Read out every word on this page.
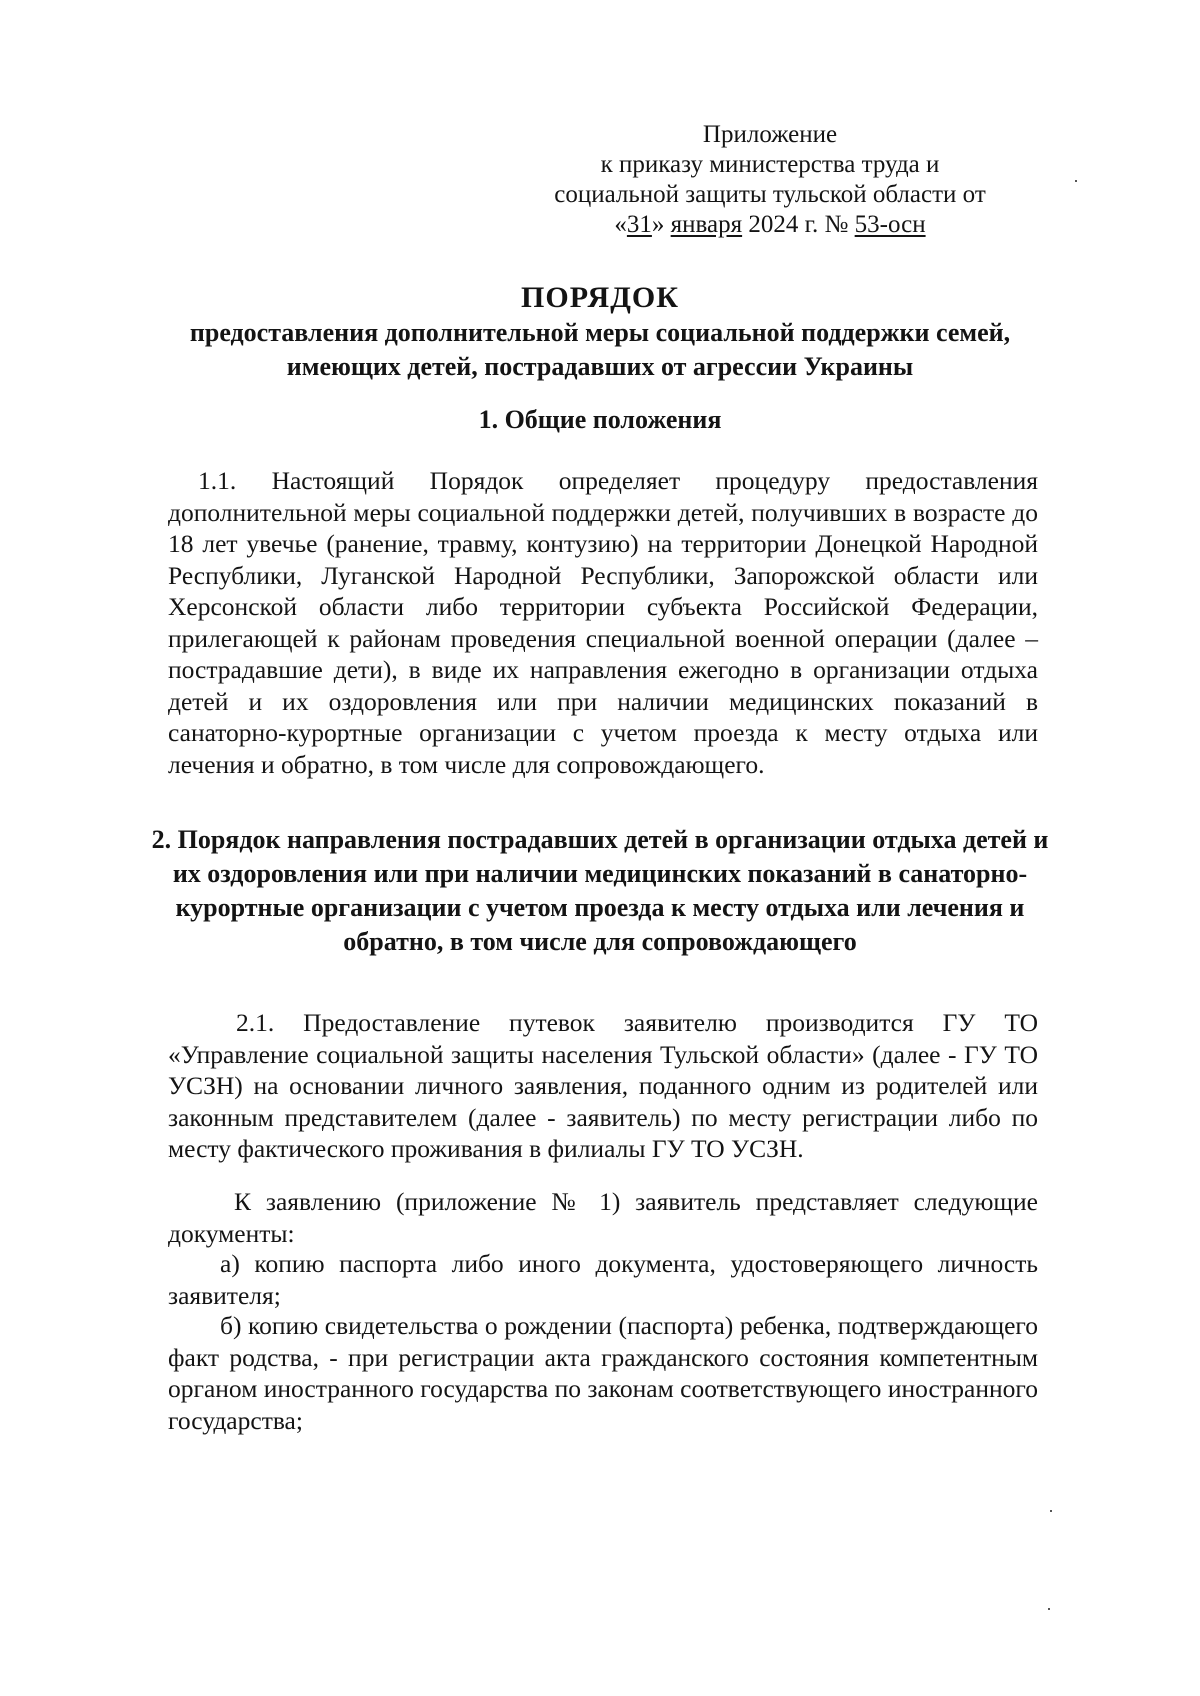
Приложение
к приказу министерства труда и
социальной защиты тульской области от
«31» января 2024 г. № 53-осн
ПОРЯДОК
предоставления дополнительной меры социальной поддержки семей, имеющих детей, пострадавших от агрессии Украины
1. Общие положения
1.1. Настоящий Порядок определяет процедуру предоставления дополнительной меры социальной поддержки детей, получивших в возрасте до 18 лет увечье (ранение, травму, контузию) на территории Донецкой Народной Республики, Луганской Народной Республики, Запорожской области или Херсонской области либо территории субъекта Российской Федерации, прилегающей к районам проведения специальной военной операции (далее – пострадавшие дети), в виде их направления ежегодно в организации отдыха детей и их оздоровления или при наличии медицинских показаний в санаторно-курортные организации с учетом проезда к месту отдыха или лечения и обратно, в том числе для сопровождающего.
2. Порядок направления пострадавших детей в организации отдыха детей и их оздоровления или при наличии медицинских показаний в санаторно-курортные организации с учетом проезда к месту отдыха или лечения и обратно, в том числе для сопровождающего
2.1. Предоставление путевок заявителю производится ГУ ТО «Управление социальной защиты населения Тульской области» (далее - ГУ ТО УСЗН) на основании личного заявления, поданного одним из родителей или законным представителем (далее - заявитель) по месту регистрации либо по месту фактического проживания в филиалы ГУ ТО УСЗН.
К заявлению (приложение № 1) заявитель представляет следующие документы:
а) копию паспорта либо иного документа, удостоверяющего личность заявителя;
б) копию свидетельства о рождении (паспорта) ребенка, подтверждающего факт родства, - при регистрации акта гражданского состояния компетентным органом иностранного государства по законам соответствующего иностранного государства;
